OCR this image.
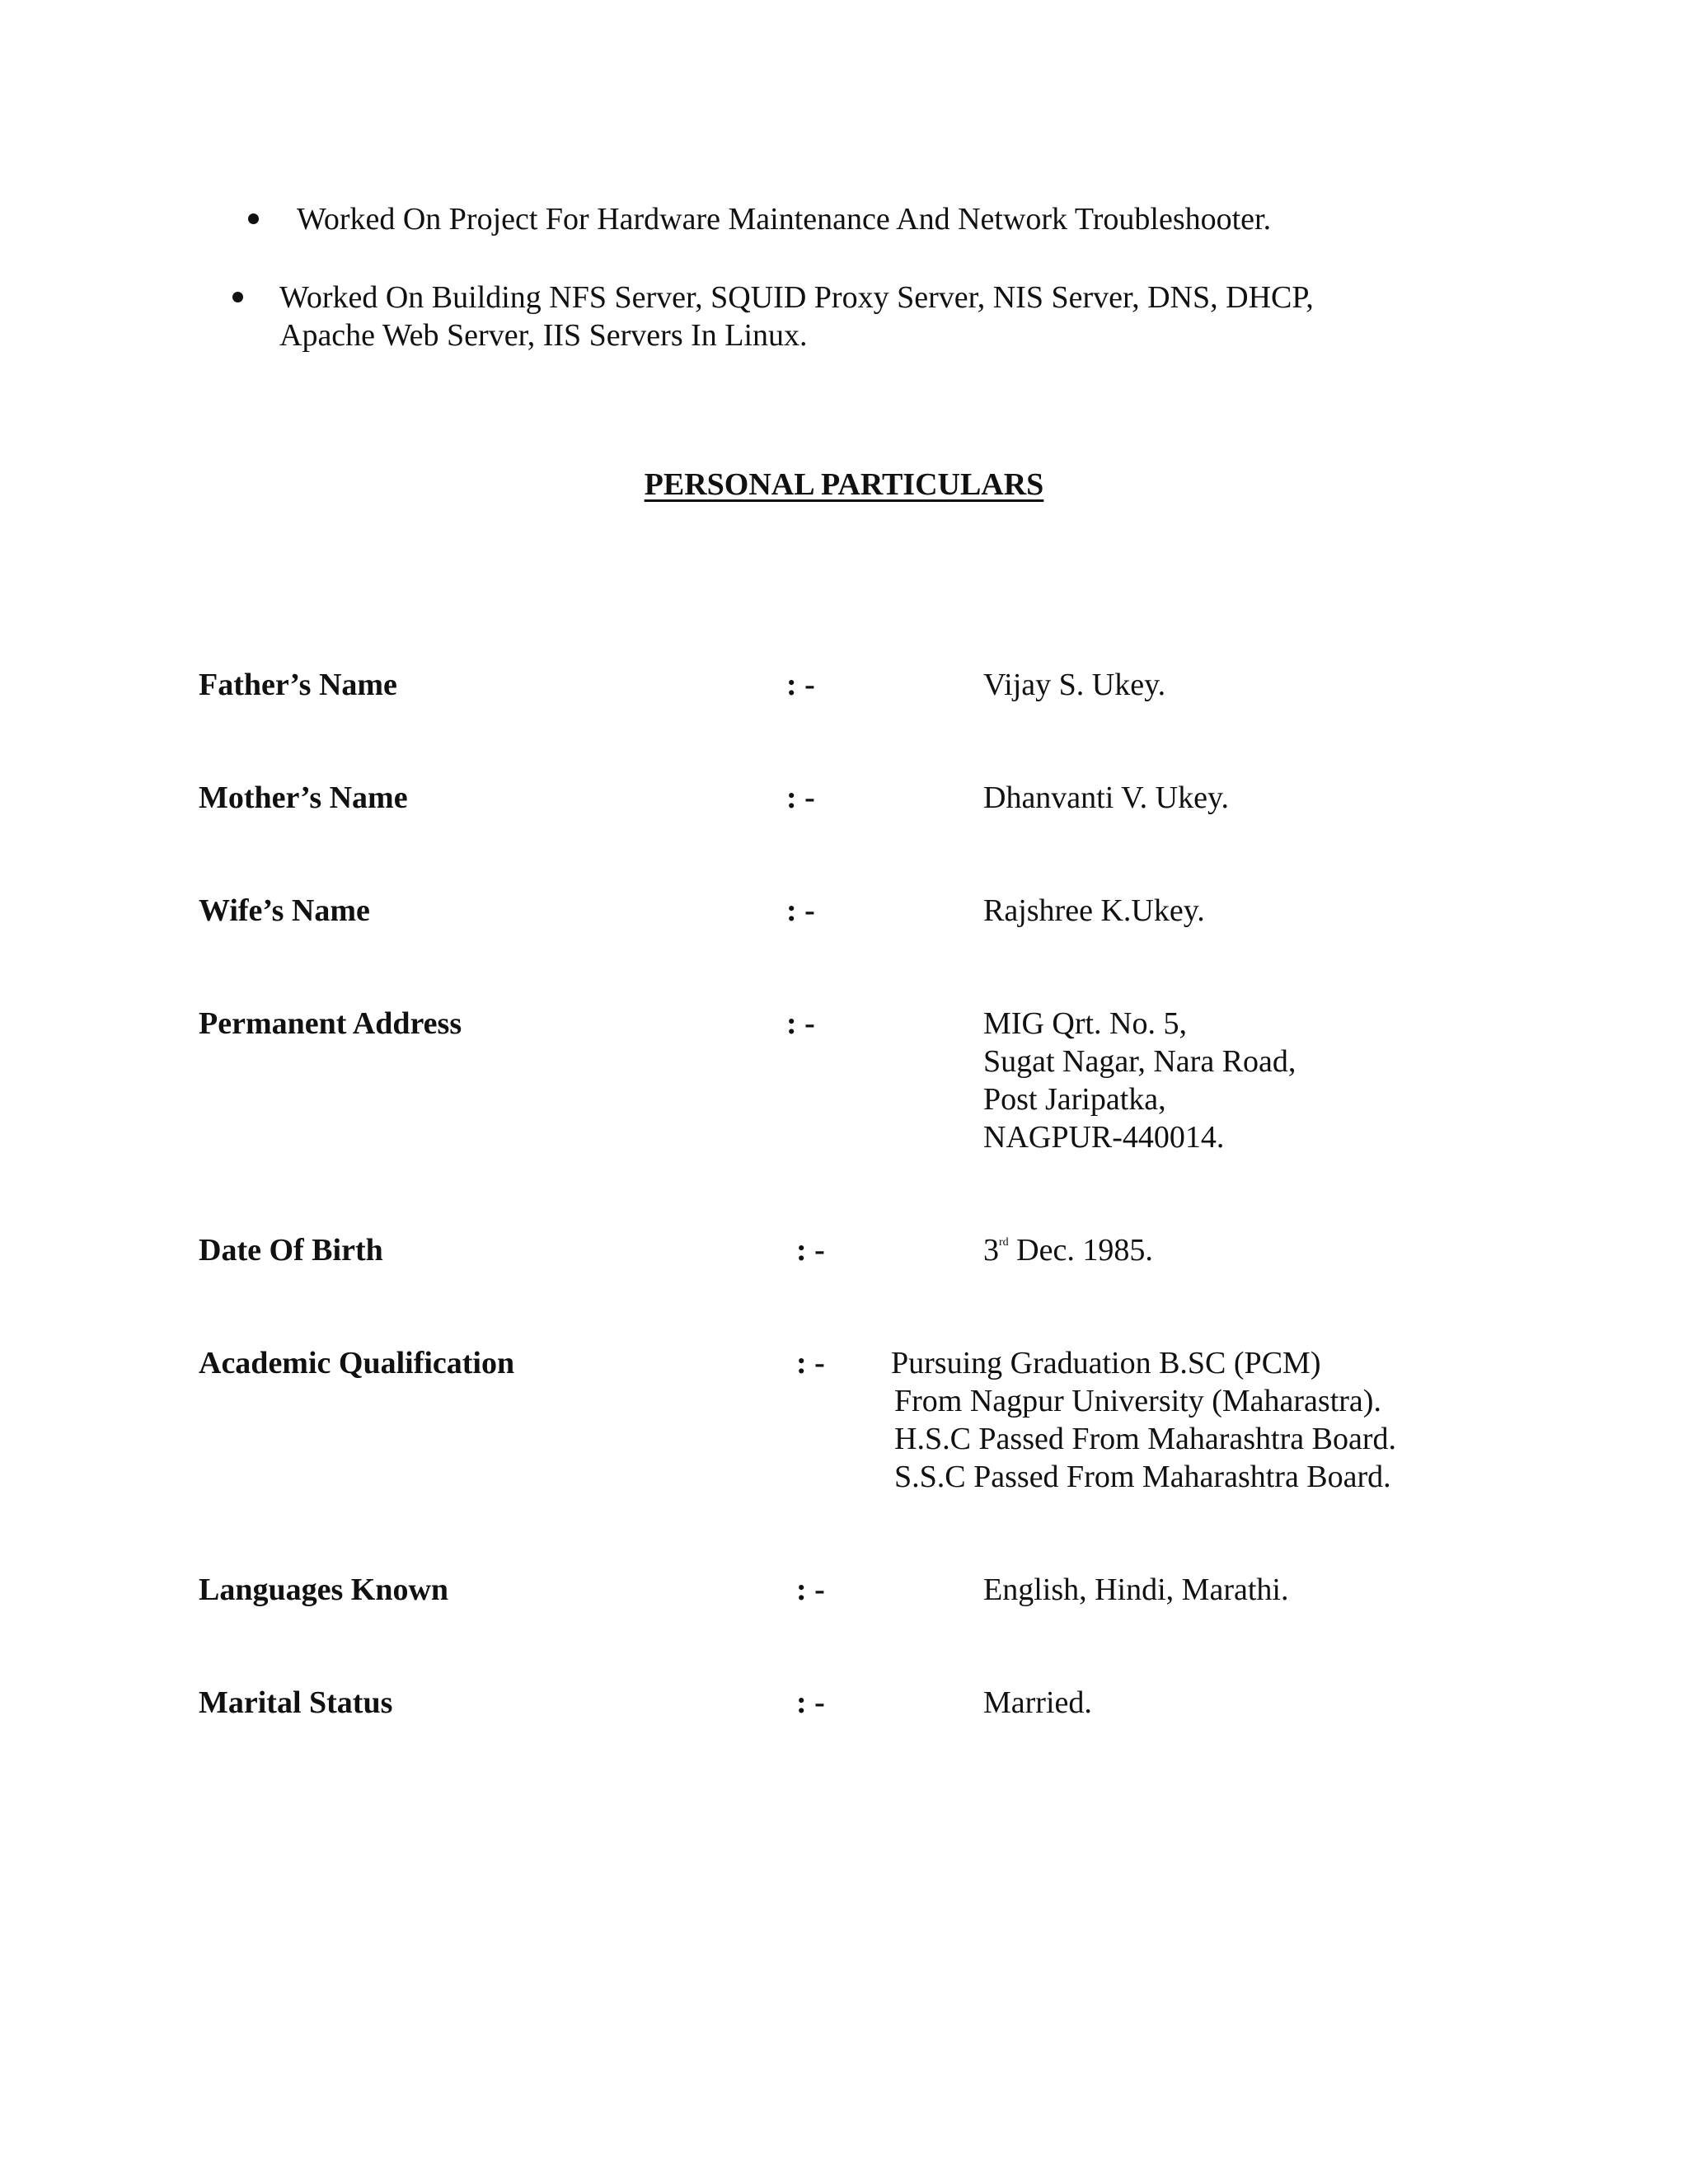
Worked On Project For Hardware Maintenance And Network Troubleshooter.
Worked On Building NFS Server, SQUID Proxy Server, NIS Server, DNS, DHCP,
Apache Web Server, IIS Servers In Linux.
PERSONAL PARTICULARS
Father’s Name	: -	Vijay S. Ukey.
Mother’s Name	: -	Dhanvanti V. Ukey.
Wife’s Name	: -	Rajshree K.Ukey.
Permanent Address	: -	MIG Qrt. No. 5,
Sugat Nagar, Nara Road,
Post Jaripatka,
NAGPUR-440014.
Date Of Birth	: -	3rd Dec. 1985.
Academic Qualification	: - Pursuing Graduation B.SC (PCM)
From Nagpur University (Maharastra).
H.S.C Passed From Maharashtra Board.
S.S.C Passed From Maharashtra Board.
Languages Known	: -	English, Hindi, Marathi.
Marital Status	: -	Married.
